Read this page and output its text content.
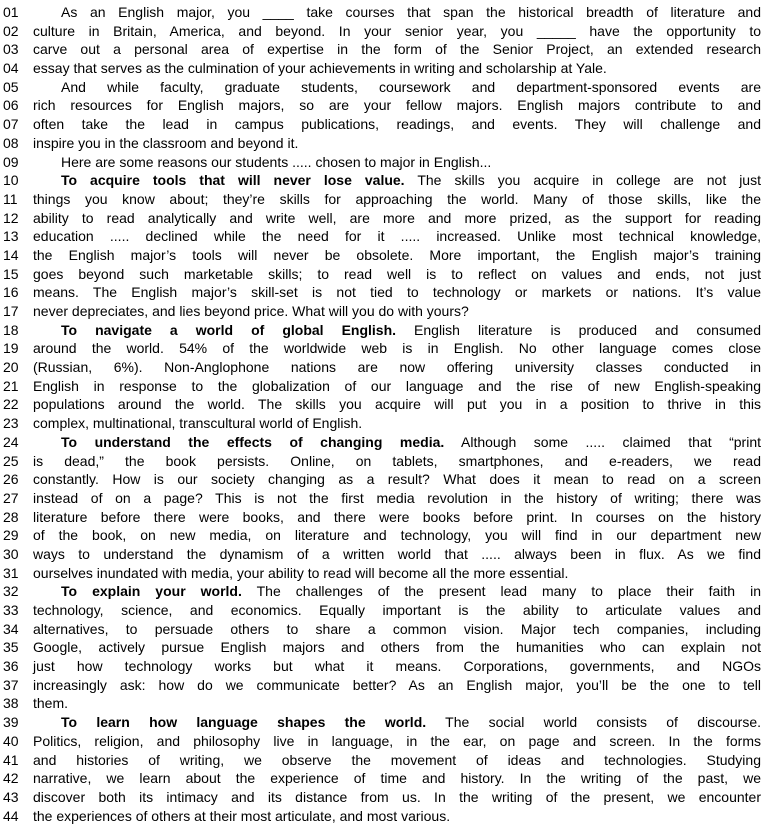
01	As an English major, you ____ take courses that span the historical breadth of literature and
02	culture in Britain, America, and beyond. In your senior year, you _____ have the opportunity to
03	carve out a personal area of expertise in the form of the Senior Project, an extended research
04	essay that serves as the culmination of your achievements in writing and scholarship at Yale.
05	And while faculty, graduate students, coursework and department-sponsored events are
06	rich resources for English majors, so are your fellow majors. English majors contribute to and
07	often take the lead in campus publications, readings, and events. They will challenge and
08	inspire you in the classroom and beyond it.
09	Here are some reasons our students ..... chosen to major in English...
10	To acquire tools that will never lose value. The skills you acquire in college are not just
11	things you know about; they’re skills for approaching the world. Many of those skills, like the
12	ability to read analytically and write well, are more and more prized, as the support for reading
13	education ..... declined while the need for it ..... increased. Unlike most technical knowledge,
14	the English major’s tools will never be obsolete. More important, the English major’s training
15	goes beyond such marketable skills; to read well is to reflect on values and ends, not just
16	means. The English major’s skill-set is not tied to technology or markets or nations. It’s value
17	never depreciates, and lies beyond price. What will you do with yours?
18	To navigate a world of global English. English literature is produced and consumed
19	around the world. 54% of the worldwide web is in English. No other language comes close
20	(Russian, 6%). Non-Anglophone nations are now offering university classes conducted in
21	English in response to the globalization of our language and the rise of new English-speaking
22	populations around the world. The skills you acquire will put you in a position to thrive in this
23	complex, multinational, transcultural world of English.
24	To understand the effects of changing media. Although some ..... claimed that “print
25	is dead,” the book persists. Online, on tablets, smartphones, and e-readers, we read
26	constantly. How is our society changing as a result? What does it mean to read on a screen
27	instead of on a page? This is not the first media revolution in the history of writing; there was
28	literature before there were books, and there were books before print. In courses on the history
29	of the book, on new media, on literature and technology, you will find in our department new
30	ways to understand the dynamism of a written world that ..... always been in flux. As we find
31	ourselves inundated with media, your ability to read will become all the more essential.
32	To explain your world. The challenges of the present lead many to place their faith in
33	technology, science, and economics. Equally important is the ability to articulate values and
34	alternatives, to persuade others to share a common vision. Major tech companies, including
35	Google, actively pursue English majors and others from the humanities who can explain not
36	just how technology works but what it means. Corporations, governments, and NGOs
37	increasingly ask: how do we communicate better? As an English major, you’ll be the one to tell
38	them.
39	To learn how language shapes the world. The social world consists of discourse.
40	Politics, religion, and philosophy live in language, in the ear, on page and screen. In the forms
41	and histories of writing, we observe the movement of ideas and technologies. Studying
42	narrative, we learn about the experience of time and history. In the writing of the past, we
43	discover both its intimacy and its distance from us. In the writing of the present, we encounter
44	the experiences of others at their most articulate, and most various.
